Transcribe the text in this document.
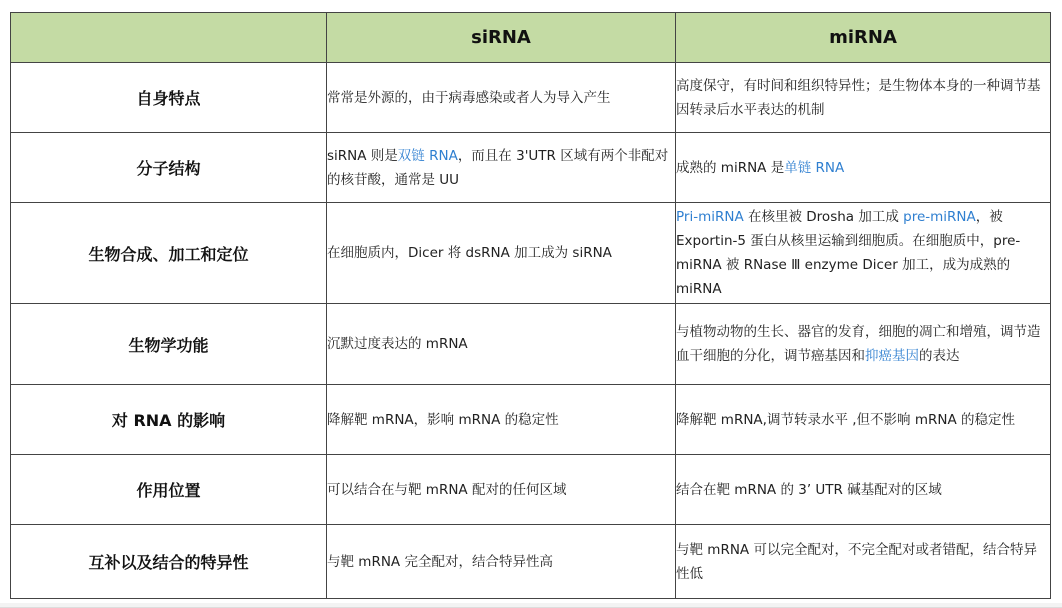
	siRNA	miRNA
自身特点	常常是外源的，由于病毒感染或者人为导入产生	高度保守，有时间和组织特异性；是生物体本身的一种调节基因转录后水平表达的机制
分子结构	siRNA 则是双链 RNA，而且在 3'UTR 区域有两个非配对的核苷酸，通常是 UU	成熟的 miRNA 是单链 RNA
生物合成、加工和定位	在细胞质内，Dicer 将 dsRNA 加工成为 siRNA	Pri-miRNA 在核里被 Drosha 加工成 pre-miRNA，被 Exportin-5 蛋白从核里运输到细胞质。在细胞质中，pre-miRNA 被 RNase Ⅲ enzyme Dicer 加工，成为成熟的 miRNA
生物学功能	沉默过度表达的 mRNA	与植物动物的生长、器官的发育，细胞的凋亡和增殖，调节造血干细胞的分化，调节癌基因和抑癌基因的表达
对 RNA 的影响	降解靶 mRNA，影响 mRNA 的稳定性	降解靶 mRNA,调节转录水平 ,但不影响 mRNA 的稳定性
作用位置	可以结合在与靶 mRNA 配对的任何区域	结合在靶 mRNA 的 3’ UTR 碱基配对的区域
互补以及结合的特异性	与靶 mRNA 完全配对，结合特异性高	与靶 mRNA 可以完全配对，不完全配对或者错配，结合特异性低
